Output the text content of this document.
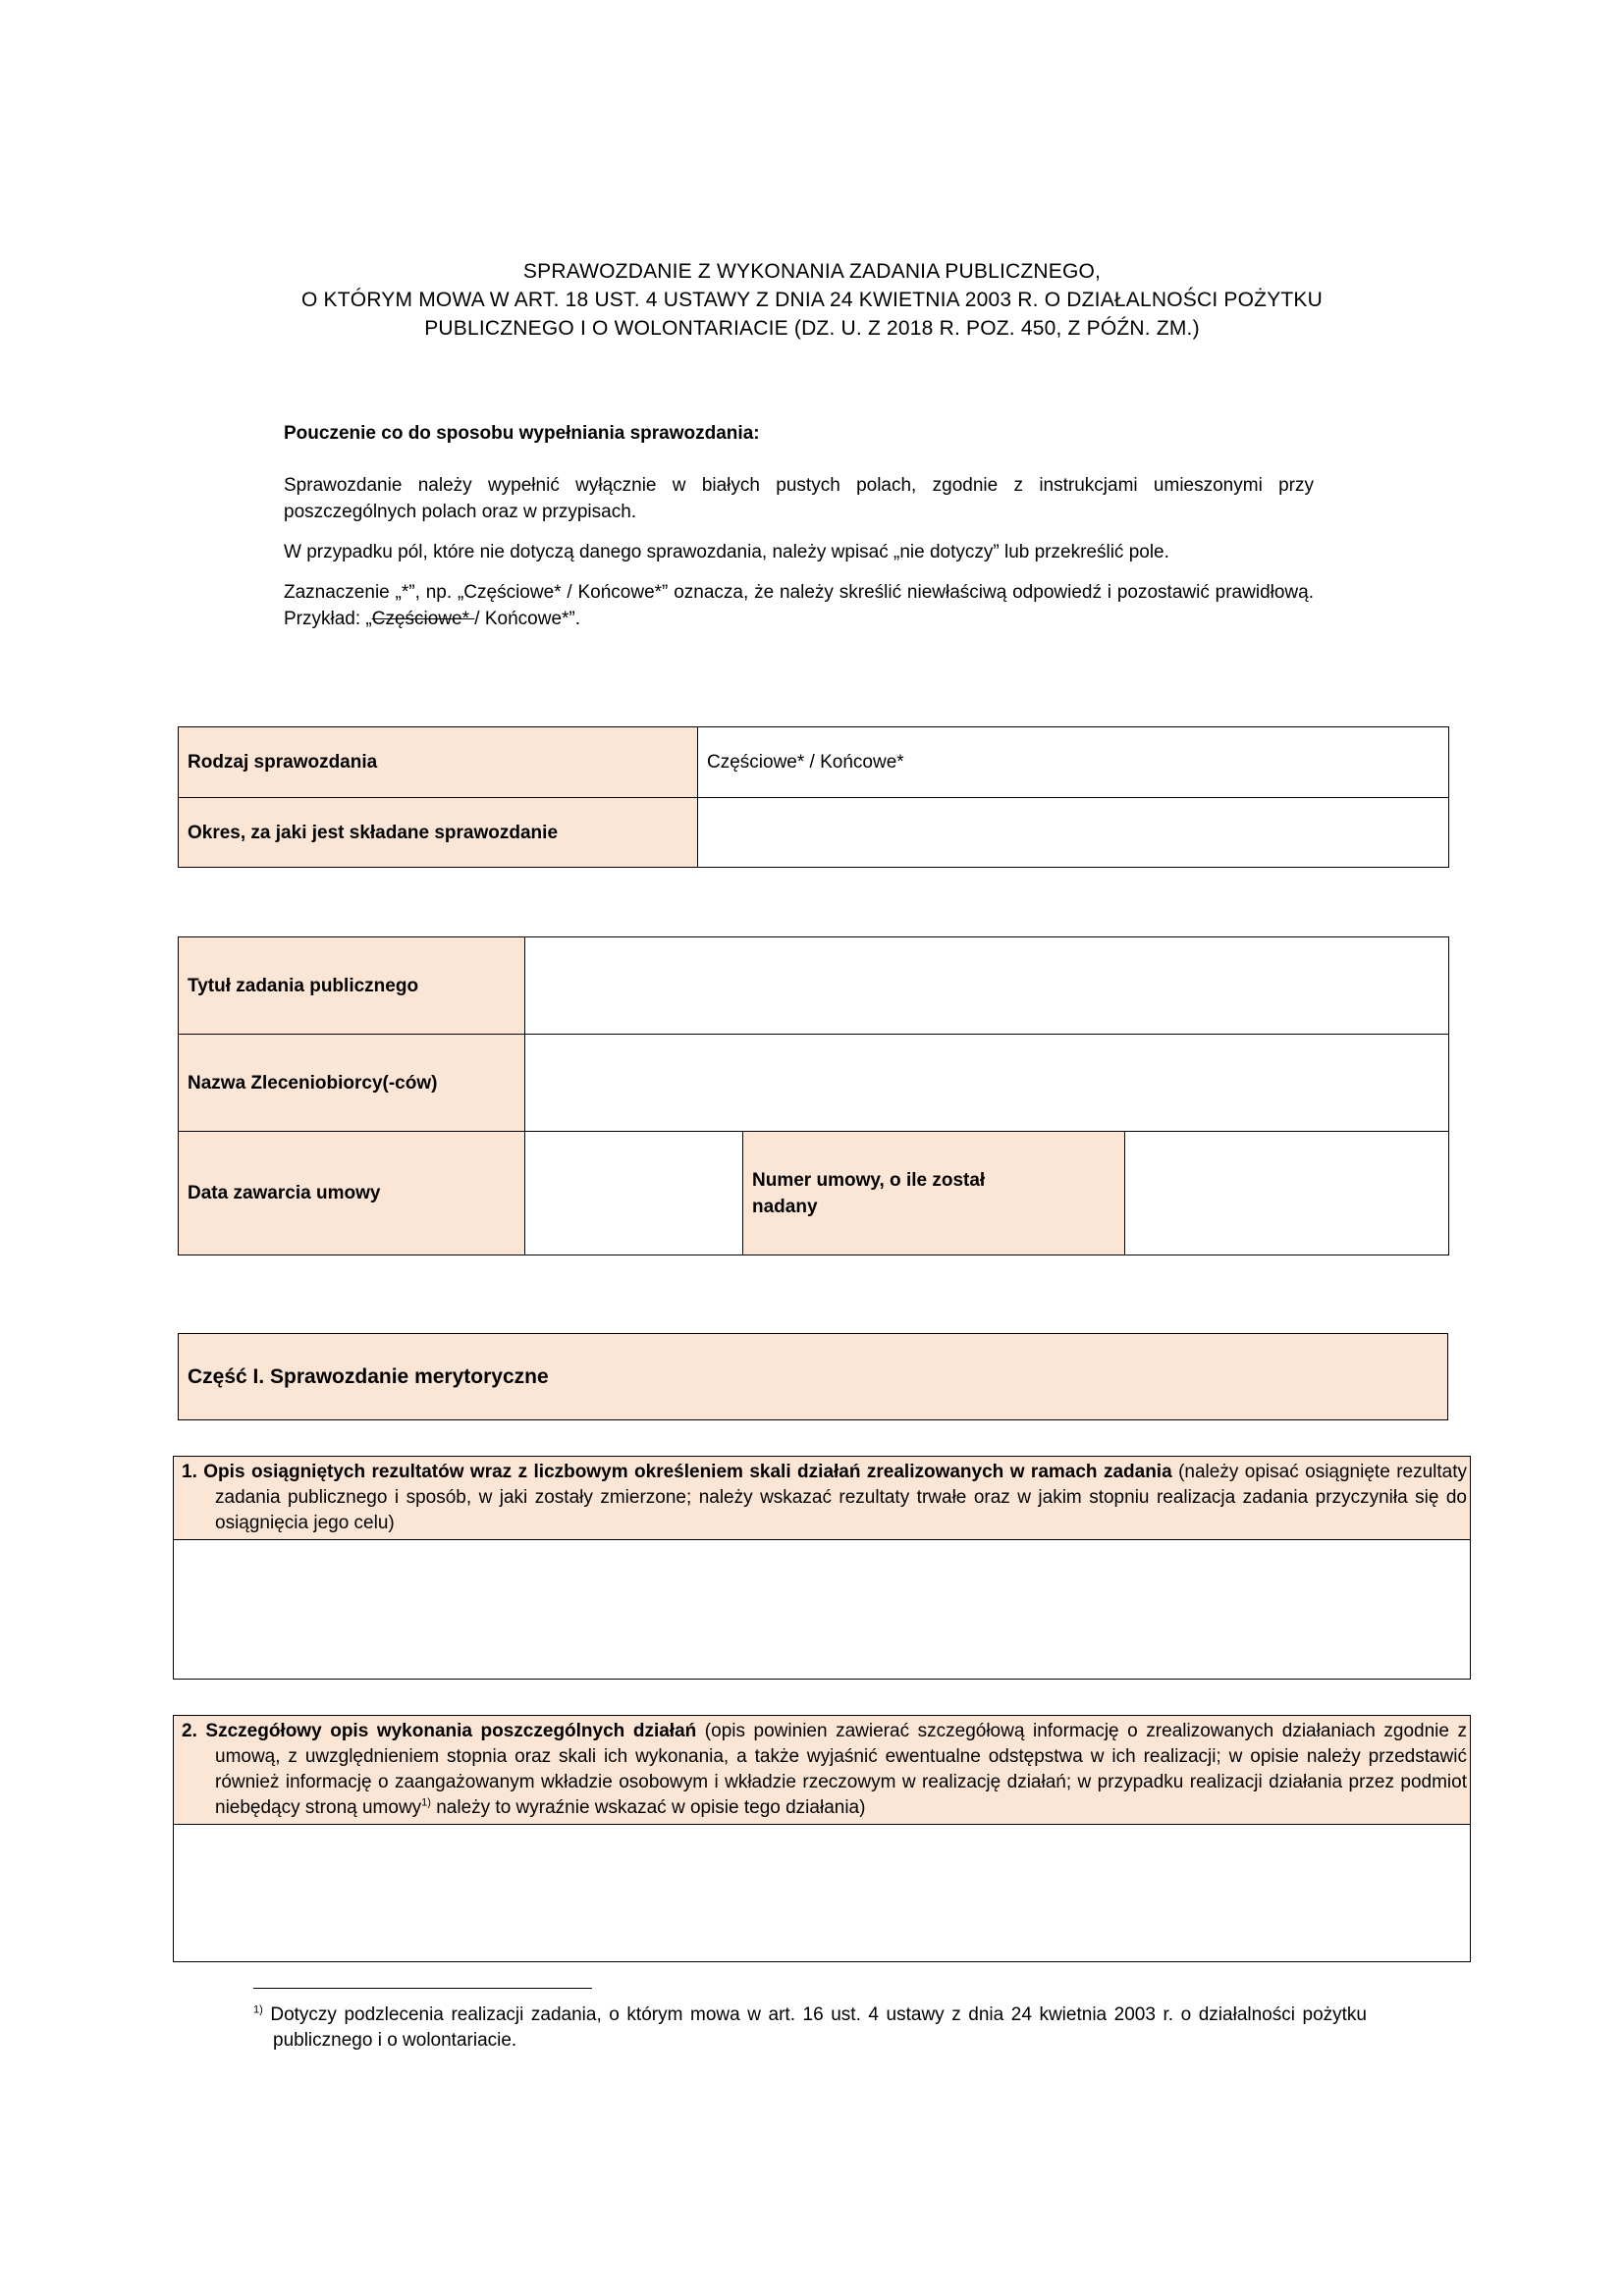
SPRAWOZDANIE Z WYKONANIA ZADANIA PUBLICZNEGO,
O KTÓRYM MOWA W ART. 18 UST. 4 USTAWY Z DNIA 24 KWIETNIA 2003 R. O DZIAŁALNOŚCI POŻYTKU
PUBLICZNEGO I O WOLONTARIACIE (DZ. U. Z 2018 R. POZ. 450, Z PÓŹN. ZM.)
Pouczenie co do sposobu wypełniania sprawozdania:

Sprawozdanie należy wypełnić wyłącznie w białych pustych polach, zgodnie z instrukcjami umieszonymi przy poszczególnych polach oraz w przypisach.

W przypadku pól, które nie dotyczą danego sprawozdania, należy wpisać „nie dotyczy” lub przekreślić pole.

Zaznaczenie „*”, np. „Częściowe* / Końcowe*” oznacza, że należy skreślić niewłaściwą odpowiedź i pozostawić prawidłową. Przykład: „Częściowe* / Końcowe*”.

Rodzaj sprawozdania	Częściowe* / Końcowe*
Okres, za jaki jest składane sprawozdanie	
Tytuł zadania publicznego			
Nazwa Zleceniobiorcy(-ców)			
Data zawarcia umowy		Numer umowy, o ile został nadany	
Część I. Sprawozdanie merytoryczne
1. Opis osiągniętych rezultatów wraz z liczbowym określeniem skali działań zrealizowanych w ramach zadania (należy opisać osiągnięte rezultaty zadania publicznego i sposób, w jaki zostały zmierzone; należy wskazać rezultaty trwałe oraz w jakim stopniu realizacja zadania przyczyniła się do osiągnięcia jego celu)

2. Szczegółowy opis wykonania poszczególnych działań (opis powinien zawierać szczegółową informację o zrealizowanych działaniach zgodnie z umową, z uwzględnieniem stopnia oraz skali ich wykonania, a także wyjaśnić ewentualne odstępstwa w ich realizacji; w opisie należy przedstawić również informację o zaangażowanym wkładzie osobowym i wkładzie rzeczowym w realizację działań; w przypadku realizacji działania przez podmiot niebędący stroną umowy$^{1)}$ należy to wyraźnie wskazać w opisie tego działania)

$^{1)}$ Dotyczy podzlecenia realizacji zadania, o którym mowa w art. 16 ust. 4 ustawy z dnia 24 kwietnia 2003 r. o działalności pożytku publicznego i o wolontariacie.
